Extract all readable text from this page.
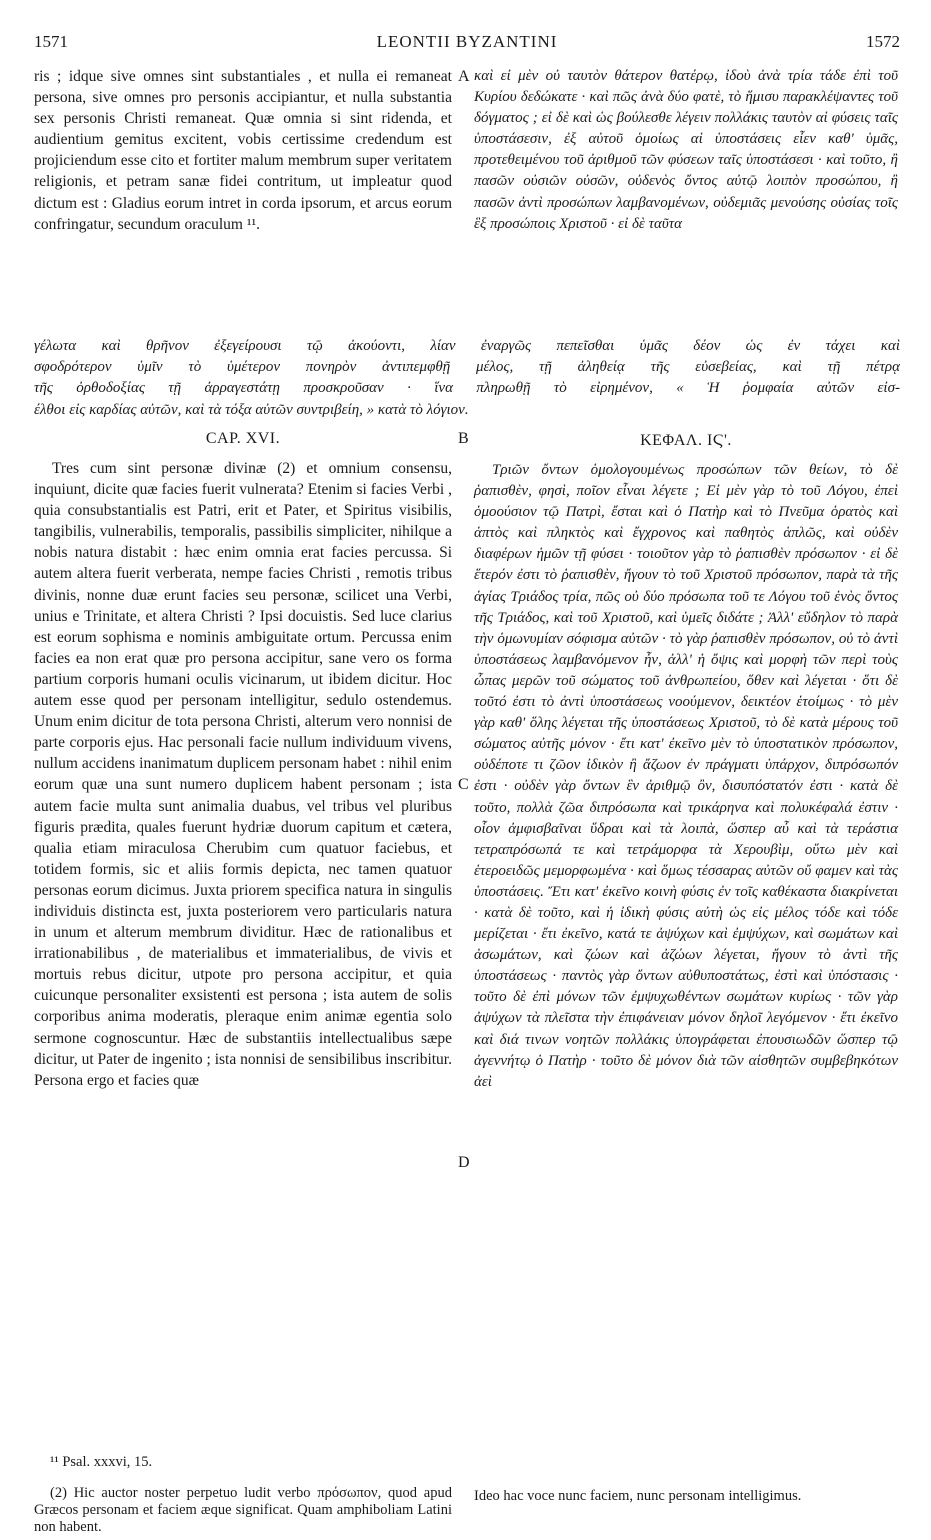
1571	LEONTII BYZANTINI	1572

ris ; idque sive omnes sint substantiales , et nulla ei remaneat persona, sive omnes pro personis accipiantur, et nulla substantia sex personis Christi remaneat. Quæ omnia si sint ridenda, et audientium gemitus excitent, vobis certissime credendum est projiciendum esse cito et fortiter malum membrum super veritatem religionis, et petram sanæ fidei contritum, ut impleatur quod dictum est : Gladius eorum intret in corda ipsorum, et arcus eorum confringatur, secundum oraculum ¹¹.

A καὶ εἰ μὲν οὐ ταυτὸν θάτερον θατέρῳ, ἰδοὺ ἀνὰ τρία τάδε ἐπὶ τοῦ Κυρίου δεδώκατε · καὶ πῶς ἀνὰ δύο φατὲ, τὸ ἥμισυ παρακλέψαντες τοῦ δόγματος ; εἰ δὲ καὶ ὡς βούλεσθε λέγειν πολλάκις ταυτὸν αἱ φύσεις ταῖς ὑποστάσεσιν, ἐξ αὐτοῦ ὁμοίως αἱ ὑποστάσεις εἶεν καθ' ὑμᾶς, προτεθειμένου τοῦ ἀριθμοῦ τῶν φύσεων ταῖς ὑποστάσεσι · καὶ τοῦτο, ἢ πασῶν οὐσιῶν οὐσῶν, οὐδενὸς ὄντος αὐτῷ λοιπὸν προσώπου, ἢ πασῶν ἀντὶ προσώπων λαμβανομένων, οὐδεμιᾶς μενούσης οὐσίας τοῖς ἓξ προσώποις Χριστοῦ · εἰ δὲ ταῦτα

γέλωτα καὶ θρῆνον ἐξεγείρουσι τῷ ἀκούοντι, λίαν ἐναργῶς πεπεῖσθαι ὑμᾶς δέον ὡς ἐν τάχει καὶ
σφοδρότερον ὑμῖν τὸ ὑμέτερον πονηρὸν ἀντιπεμφθῇ μέλος, τῇ ἀληθείᾳ τῆς εὐσεβείας, καὶ τῇ πέτρᾳ
τῆς ὀρθοδοξίας τῇ ἀρραγεστάτῃ προσκροῦσαν · ἵνα πληρωθῇ τὸ εἰρημένον, « Ἡ ῥομφαία αὐτῶν εἰσ-
έλθοι εἰς καρδίας αὐτῶν, καὶ τὰ τόξα αὐτῶν συντριβείη, » κατὰ τὸ λόγιον.

CAP. XVI.	B	ΚΕΦΑΛ. ΙϚ'.

Tres cum sint personæ divinæ (2) et omnium consensu, inquiunt, dicite quæ facies fuerit vulnerata? Etenim si facies Verbi , quia consubstantialis est Patri, erit et Pater, et Spiritus visibilis, tangibilis, vulnerabilis, temporalis, passibilis simpliciter, nihilque a nobis natura distabit : hæc enim omnia erat facies percussa. Si autem altera fuerit verberata, nempe facies Christi , remotis tribus divinis, nonne duæ erunt facies seu personæ, scilicet una Verbi, unius e Trinitate, et altera Christi ? Ipsi docuistis. Sed luce clarius est eorum sophisma e nominis ambiguitate ortum. Percussa enim facies ea non erat quæ pro persona accipitur, sane vero os forma partium corporis humani oculis vicinarum, ut ibidem dicitur. Hoc autem esse quod per personam intelligitur, sedulo ostendemus. Unum enim dicitur de tota persona Christi, alterum vero nonnisi de parte corporis ejus. Hac personali facie nullum individuum vivens, nullum accidens inanimatum duplicem personam habet : nihil enim eorum quæ una sunt numero duplicem habent personam ; ista autem facie multa sunt animalia duabus, vel tribus vel pluribus figuris prædita, quales fuerunt hydriæ duorum capitum et cætera, qualia etiam miraculosa Cherubim cum quatuor faciebus, et totidem formis, sic et aliis formis depicta, nec tamen quatuor personas eorum dicimus. Juxta priorem specifica natura in singulis individuis distincta est, juxta posteriorem vero particularis natura in unum et alterum membrum dividitur. Hæc de rationalibus et irrationabilibus , de materialibus et immaterialibus, de vivis et mortuis rebus dicitur, utpote pro persona accipitur, et quia cuicunque personaliter exsistenti est persona ; ista autem de solis corporibus anima moderatis, pleraque enim animæ egentia solo sermone cognoscuntur. Hæc de substantiis intellectualibus sæpe dicitur, ut Pater de ingenito ; ista nonnisi de sensibilibus inscribitur. Persona ergo et facies quæ

C
D

Τριῶν ὄντων ὁμολογουμένως προσώπων τῶν θείων, τὸ δὲ ῥαπισθὲν, φησὶ, ποῖον εἶναι λέγετε ; Εἰ μὲν γὰρ τὸ τοῦ Λόγου, ἐπεὶ ὁμοούσιον τῷ Πατρὶ, ἔσται καὶ ὁ Πατὴρ καὶ τὸ Πνεῦμα ὁρατὸς καὶ ἁπτὸς καὶ πληκτὸς καὶ ἔγχρονος καὶ παθητὸς ἁπλῶς, καὶ οὐδὲν διαφέρων ἡμῶν τῇ φύσει · τοιοῦτον γὰρ τὸ ῥαπισθὲν πρόσωπον · εἰ δὲ ἕτερόν ἐστι τὸ ῥαπισθὲν, ἤγουν τὸ τοῦ Χριστοῦ πρόσωπον, παρὰ τὰ τῆς ἁγίας Τριάδος τρία, πῶς οὐ δύο πρόσωπα τοῦ τε Λόγου τοῦ ἑνὸς ὄντος τῆς Τριάδος, καὶ τοῦ Χριστοῦ, καὶ ὑμεῖς διδάτε ; Ἀλλ' εὔδηλον τὸ παρὰ τὴν ὁμωνυμίαν σόφισμα αὐτῶν · τὸ γὰρ ῥαπισθὲν πρόσωπον, οὐ τὸ ἀντὶ ὑποστάσεως λαμβανόμενον ἦν, ἀλλ' ἡ ὄψις καὶ μορφὴ τῶν περὶ τοὺς ὦπας μερῶν τοῦ σώματος τοῦ ἀνθρωπείου, ὅθεν καὶ λέγεται · ὅτι δὲ τοῦτό ἐστι τὸ ἀντὶ ὑποστάσεως νοούμενον, δεικτέον ἑτοίμως · τὸ μὲν γὰρ καθ' ὅλης λέγεται τῆς ὑποστάσεως Χριστοῦ, τὸ δὲ κατὰ μέρους τοῦ σώματος αὐτῆς μόνον · ἔτι κατ' ἐκεῖνο μὲν τὸ ὑποστατικὸν πρόσωπον, οὐδέποτε τι ζῶον ἰδικὸν ἢ ἄζωον ἐν πράγματι ὑπάρχον, διπρόσωπόν ἐστι · οὐδὲν γὰρ ὄντων ἓν ἀριθμῷ ὂν, δισυπόστατόν ἐστι · κατὰ δὲ τοῦτο, πολλὰ ζῶα διπρόσωπα καὶ τρικάρηνα καὶ πολυκέφαλά ἐστιν · οἷον ἀμφισβαῖναι ὕδραι καὶ τὰ λοιπὰ, ὥσπερ αὖ καὶ τὰ τεράστια τετραπρόσωπά τε καὶ τετράμορφα τὰ Χερουβὶμ, οὕτω μὲν καὶ ἑτεροειδῶς μεμορφωμένα · καὶ ὅμως τέσσαρας αὐτῶν οὔ φαμεν καὶ τὰς ὑποστάσεις. Ἔτι κατ' ἐκεῖνο κοινὴ φύσις ἐν τοῖς καθέκαστα διακρίνεται · κατὰ δὲ τοῦτο, καὶ ἡ ἰδικὴ φύσις αὐτὴ ὡς εἰς μέλος τόδε καὶ τόδε μερίζεται · ἔτι ἐκεῖνο, κατά τε ἀψύχων καὶ ἐμψύχων, καὶ σωμάτων καὶ ἀσωμάτων, καὶ ζώων καὶ ἀζώων λέγεται, ἤγουν τὸ ἀντὶ τῆς ὑποστάσεως · παντὸς γὰρ ὄντων αὐθυποστάτως, ἐστὶ καὶ ὑπόστασις · τοῦτο δὲ ἐπὶ μόνων τῶν ἐμψυχωθέντων σωμάτων κυρίως · τῶν γὰρ ἀψύχων τὰ πλεῖστα τὴν ἐπιφάνειαν μόνον δηλοῖ λεγόμενον · ἔτι ἐκεῖνο καὶ διά τινων νοητῶν πολλάκις ὑπογράφεται ἐπουσιωδῶν ὥσπερ τῷ ἀγεννήτῳ ὁ Πατὴρ · τοῦτο δὲ μόνον διὰ τῶν αἰσθητῶν συμβεβηκότων ἀεὶ

¹¹ Psal. xxxvi, 15.

(2) Hic auctor noster perpetuo ludit verbo πρόσωπον, quod apud Græcos personam et faciem æque significat. Quam amphiboliam Latini non habent.

Ideo hac voce nunc faciem, nunc personam intelligimus.
